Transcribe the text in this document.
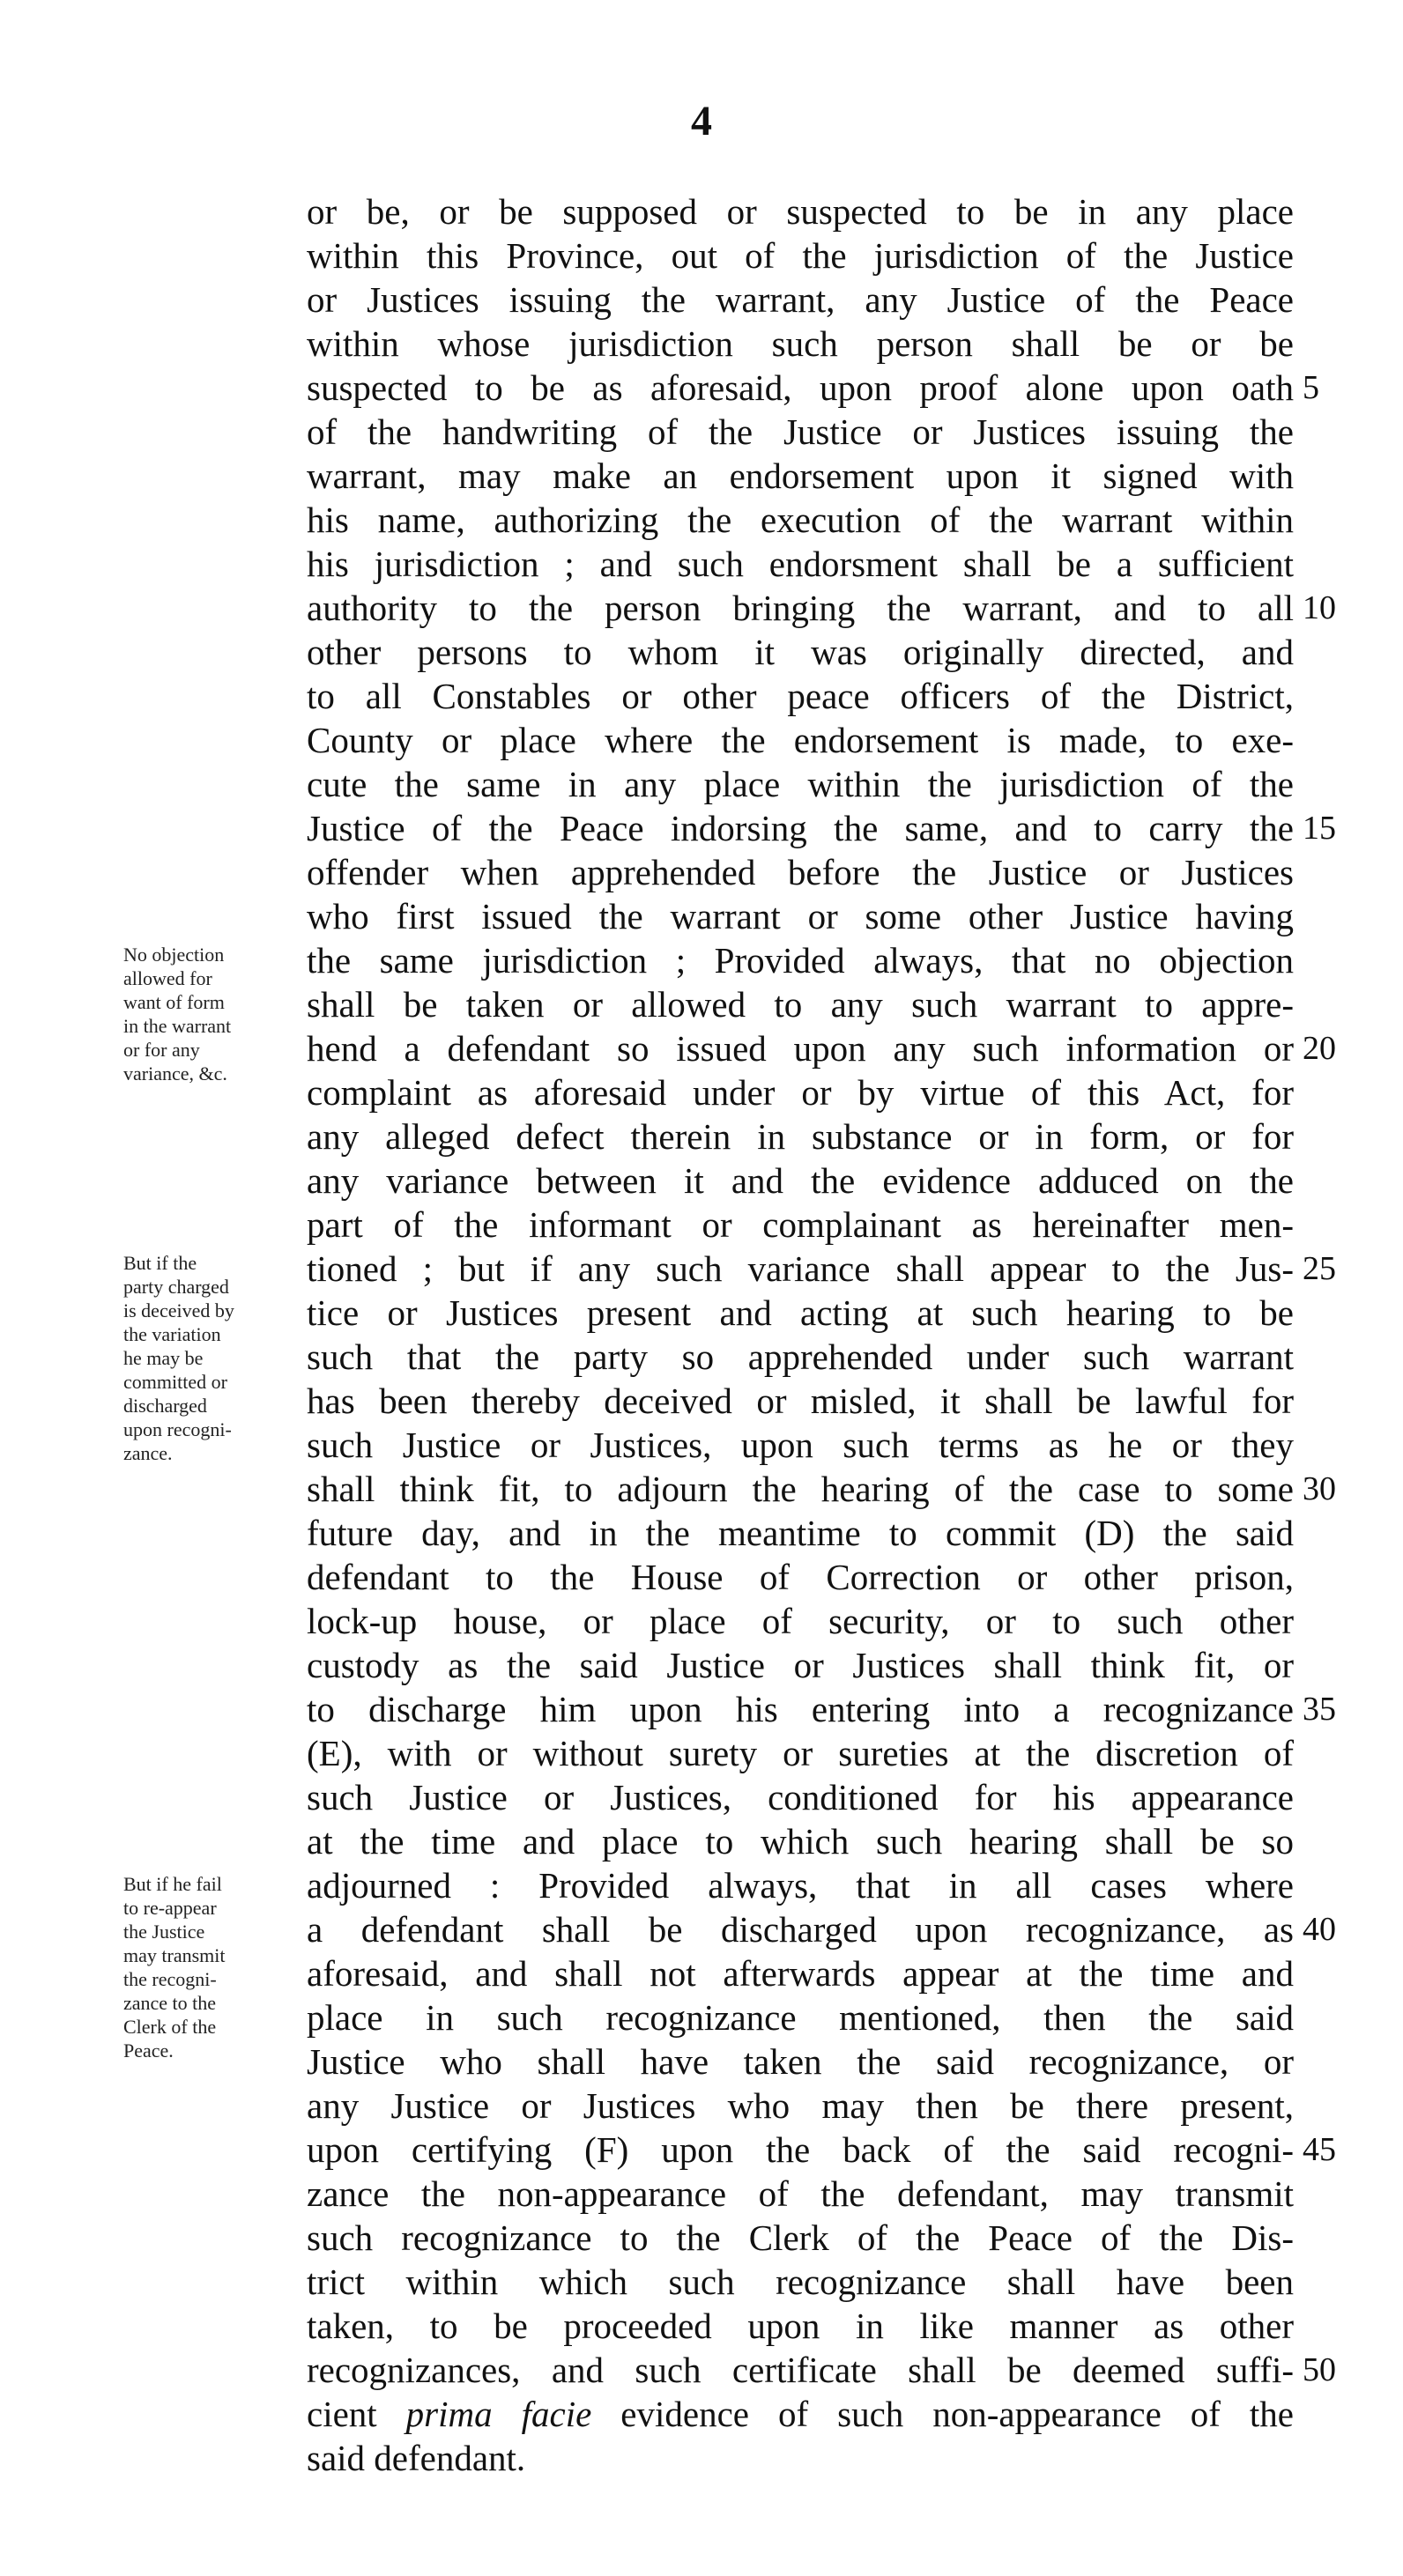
4
or be, or be supposed or suspected to be in any place
within this Province, out of the jurisdiction of the Justice
or Justices issuing the warrant, any Justice of the Peace
within whose jurisdiction such person shall be or be
suspected to be as aforesaid, upon proof alone upon oath
of the handwriting of the Justice or Justices issuing the
warrant, may make an endorsement upon it signed with
his name, authorizing the execution of the warrant within
his jurisdiction ; and such endorsment shall be a sufficient
authority to the person bringing the warrant, and to all
other persons to whom it was originally directed, and
to all Constables or other peace officers of the District,
County or place where the endorsement is made, to exe-
cute the same in any place within the jurisdiction of the
Justice of the Peace indorsing the same, and to carry the
offender when apprehended before the Justice or Justices
who first issued the warrant or some other Justice having
the same jurisdiction ; Provided always, that no objection
shall be taken or allowed to any such warrant to appre-
hend a defendant so issued upon any such information or
complaint as aforesaid under or by virtue of this Act, for
any alleged defect therein in substance or in form, or for
any variance between it and the evidence adduced on the
part of the informant or complainant as hereinafter men-
tioned ; but if any such variance shall appear to the Jus-
tice or Justices present and acting at such hearing to be
such that the party so apprehended under such warrant
has been thereby deceived or misled, it shall be lawful for
such Justice or Justices, upon such terms as he or they
shall think fit, to adjourn the hearing of the case to some
future day, and in the meantime to commit (D) the said
defendant to the House of Correction or other prison,
lock-up house, or place of security, or to such other
custody as the said Justice or Justices shall think fit, or
to discharge him upon his entering into a recognizance
(E), with or without surety or sureties at the discretion of
such Justice or Justices, conditioned for his appearance
at the time and place to which such hearing shall be so
adjourned : Provided always, that in all cases where
a defendant shall be discharged upon recognizance, as
aforesaid, and shall not afterwards appear at the time and
place in such recognizance mentioned, then the said
Justice who shall have taken the said recognizance, or
any Justice or Justices who may then be there present,
upon certifying (F) upon the back of the said recogni-
zance the non-appearance of the defendant, may transmit
such recognizance to the Clerk of the Peace of the Dis-
trict within which such recognizance shall have been
taken, to be proceeded upon in like manner as other
recognizances, and such certificate shall be deemed suffi-
cient prima facie evidence of such non-appearance of the
said defendant.
5
10
15
20
25
30
35
40
45
50
No objection
allowed for
want of form
in the warrant
or for any
variance, &c.
But if the
party charged
is deceived by
the variation
he may be
committed or
discharged
upon recogni-
zance.
But if he fail
to re-appear
the Justice
may transmit
the recogni-
zance to the
Clerk of the
Peace.
